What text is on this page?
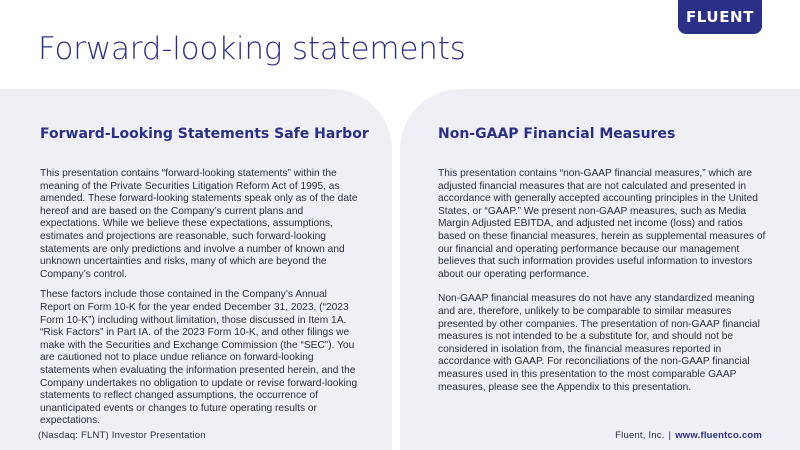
Forward-looking statements
FLUENT
Forward-Looking Statements Safe Harbor

This presentation contains “forward-looking statements” within the meaning of the Private Securities Litigation Reform Act of 1995, as amended. These forward-looking statements speak only as of the date hereof and are based on the Company’s current plans and expectations. While we believe these expectations, assumptions, estimates and projections are reasonable, such forward-looking statements are only predictions and involve a number of known and unknown uncertainties and risks, many of which are beyond the Company’s control.

These factors include those contained in the Company’s Annual Report on Form 10-K for the year ended December 31, 2023, (“2023 Form 10-K”) including without limitation, those discussed in Item 1A. “Risk Factors” in Part IA. of the 2023 Form 10-K, and other filings we make with the Securities and Exchange Commission (the “SEC”). You are cautioned not to place undue reliance on forward-looking statements when evaluating the information presented herein, and the Company undertakes no obligation to update or revise forward-looking statements to reflect changed assumptions, the occurrence of unanticipated events or changes to future operating results or expectations.

Non-GAAP Financial Measures

This presentation contains “non-GAAP financial measures,” which are adjusted financial measures that are not calculated and presented in accordance with generally accepted accounting principles in the United States, or “GAAP.” We present non-GAAP measures, such as Media Margin Adjusted EBITDA, and adjusted net income (loss) and ratios based on these financial measures, herein as supplemental measures of our financial and operating performance because our management believes that such information provides useful information to investors about our operating performance.

Non-GAAP financial measures do not have any standardized meaning and are, therefore, unlikely to be comparable to similar measures presented by other companies. The presentation of non-GAAP financial measures is not intended to be a substitute for, and should not be considered in isolation from, the financial measures reported in accordance with GAAP. For reconciliations of the non-GAAP financial measures used in this presentation to the most comparable GAAP measures, please see the Appendix to this presentation.

(Nasdaq: FLNT) Investor Presentation	Fluent, Inc. | www.fluentco.com
